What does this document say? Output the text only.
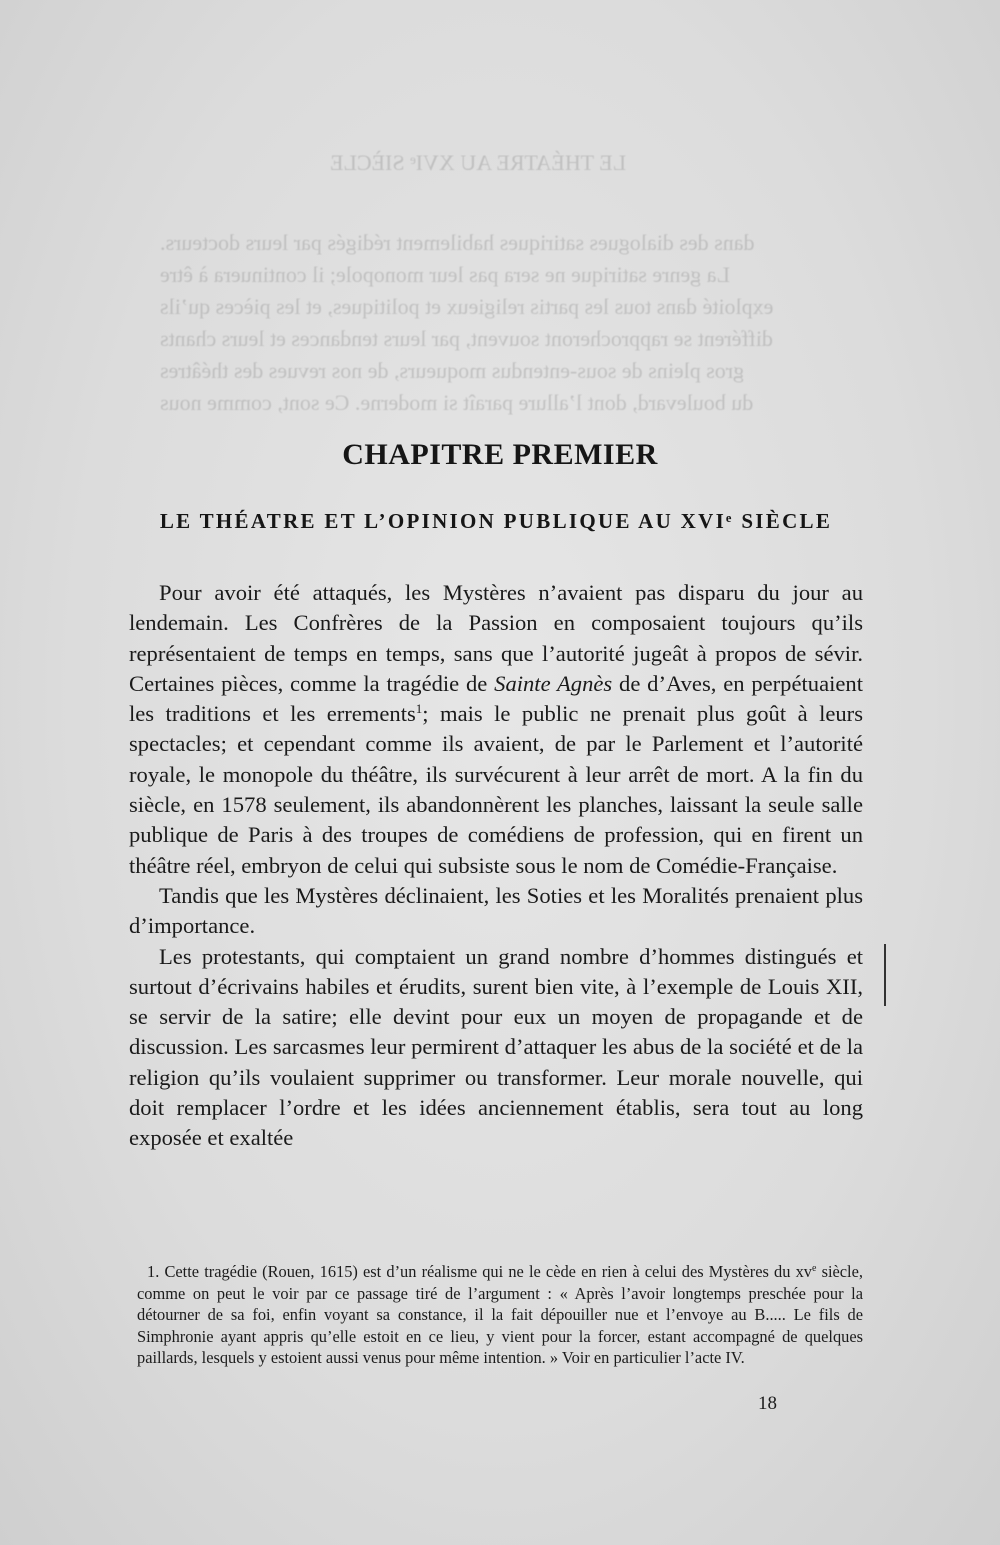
LE THÉATRE AU XVIᵉ SIÈCLE
dans des dialogues satiriques habilement rédigés par leurs docteurs.
La genre satirique ne sera pas leur monopole; il continuera à être
exploité dans tous les partis religieux et politiques, et les pièces qu’ils
différent se rapprocheront souvent, par leurs tendances et leurs chants
gros pleins de sous-entendus moqueurs, de nos revues des théâtres
du boulevard, dont l’allure paraît si moderne. Ce sont, comme nous
CHAPITRE PREMIER
LE THÉATRE ET L’OPINION PUBLIQUE AU XVIᵉ SIÈCLE

Pour avoir été attaqués, les Mystères n’avaient pas disparu du jour au lendemain. Les Confrères de la Passion en composaient toujours qu’ils représentaient de temps en temps, sans que l’autorité jugeât à propos de sévir. Certaines pièces, comme la tragédie de Sainte Agnès de d’Aves, en perpétuaient les traditions et les errements$^1$; mais le public ne prenait plus goût à leurs spectacles; et cependant comme ils avaient, de par le Parlement et l’autorité royale, le monopole du théâtre, ils survécurent à leur arrêt de mort. A la fin du siècle, en 1578 seulement, ils abandonnèrent les planches, laissant la seule salle publique de Paris à des troupes de comédiens de profession, qui en firent un théâtre réel, embryon de celui qui subsiste sous le nom de Comédie-Française.

Tandis que les Mystères déclinaient, les Soties et les Moralités prenaient plus d’importance.

Les protestants, qui comptaient un grand nombre d’hommes distingués et surtout d’écrivains habiles et érudits, surent bien vite, à l’exemple de Louis XII, se servir de la satire; elle devint pour eux un moyen de propagande et de discussion. Les sarcasmes leur permirent d’attaquer les abus de la société et de la religion qu’ils voulaient supprimer ou transformer. Leur morale nouvelle, qui doit remplacer l’ordre et les idées anciennement établis, sera tout au long exposée et exaltée

1. Cette tragédie (Rouen, 1615) est d’un réalisme qui ne le cède en rien à celui des Mystères du $xv^e$ siècle, comme on peut le voir par ce passage tiré de l’argument : « Après l’avoir longtemps preschée pour la détourner de sa foi, enfin voyant sa constance, il la fait dépouiller nue et l’envoye au B..... Le fils de Simphronie ayant appris qu’elle estoit en ce lieu, y vient pour la forcer, estant accompagné de quelques paillards, lesquels y estoient aussi venus pour même intention. » Voir en particulier l’acte IV.

18
